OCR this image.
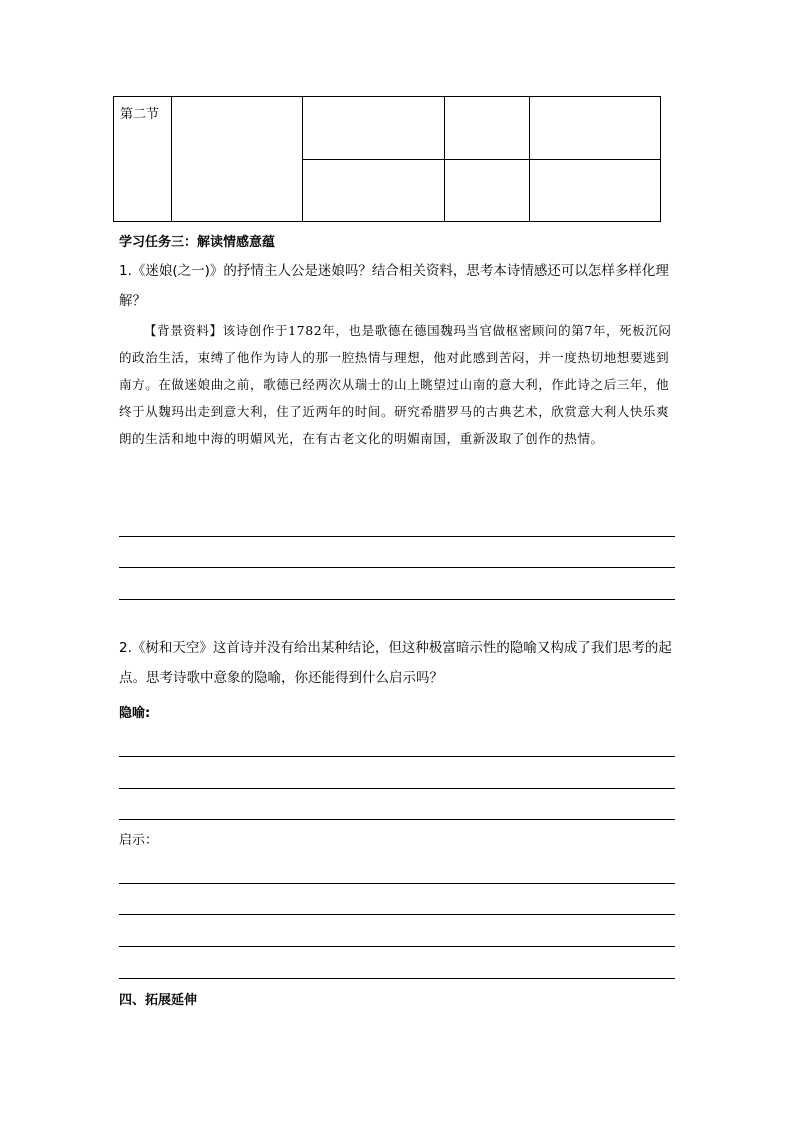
第二节
学习任务三：解读情感意蕴
1.《迷娘(之一)》的抒情主人公是迷娘吗？结合相关资料，思考本诗情感还可以怎样多样化理解？
【背景资料】该诗创作于1782年，也是歌德在德国魏玛当官做枢密顾问的第7年，死板沉闷的政治生活，束缚了他作为诗人的那一腔热情与理想，他对此感到苦闷，并一度热切地想要逃到南方。在做迷娘曲之前，歌德已经两次从瑞士的山上眺望过山南的意大利，作此诗之后三年，他终于从魏玛出走到意大利，住了近两年的时间。研究希腊罗马的古典艺术，欣赏意大利人快乐爽朗的生活和地中海的明媚风光，在有古老文化的明媚南国，重新汲取了创作的热情。
2.《树和天空》这首诗并没有给出某种结论，但这种极富暗示性的隐喻又构成了我们思考的起点。思考诗歌中意象的隐喻，你还能得到什么启示吗？
隐喻:
启示：
四、拓展延伸
